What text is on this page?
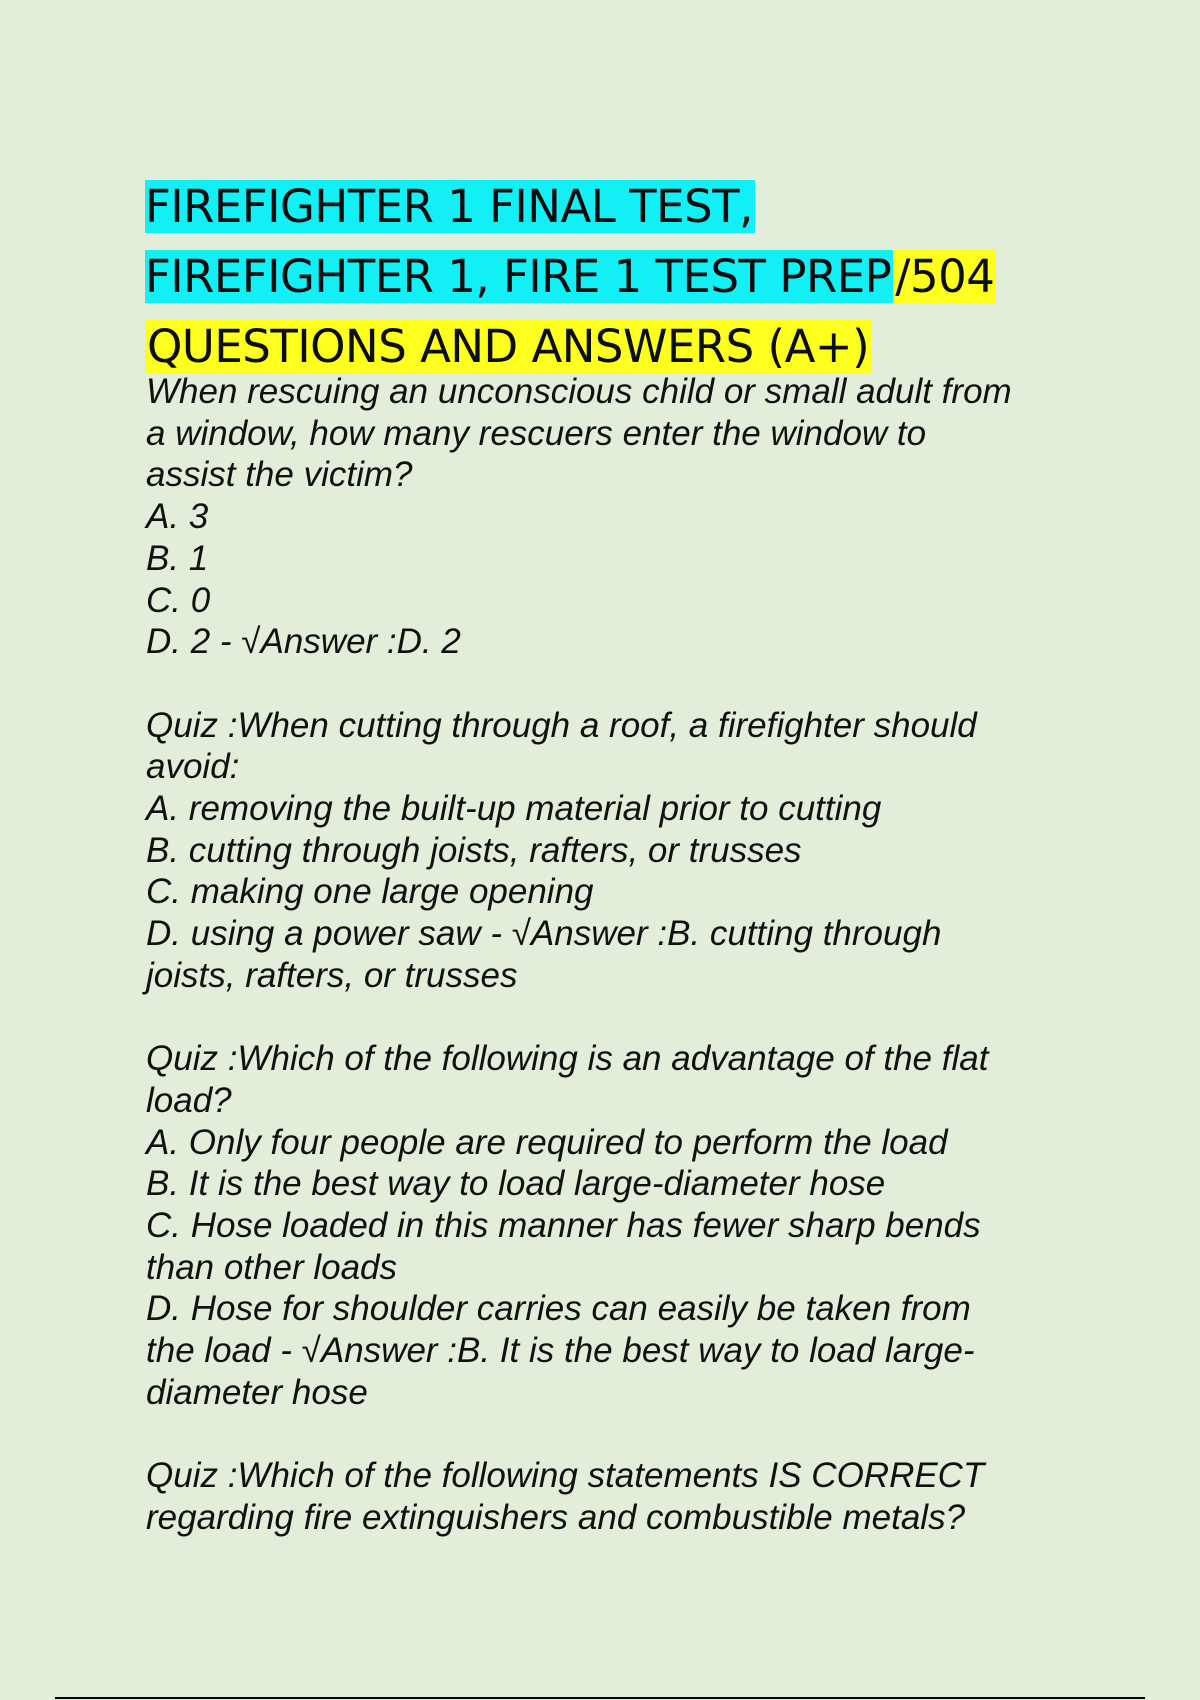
FIREFIGHTER 1 FINAL TEST,
FIREFIGHTER 1, FIRE 1 TEST PREP/504
QUESTIONS AND ANSWERS (A+)
When rescuing an unconscious child or small adult from
a window, how many rescuers enter the window to
assist the victim?
A. 3
B. 1
C. 0
D. 2 - √Answer :D. 2
Quiz :When cutting through a roof, a firefighter should
avoid:
A. removing the built-up material prior to cutting
B. cutting through joists, rafters, or trusses
C. making one large opening
D. using a power saw - √Answer :B. cutting through
joists, rafters, or trusses
Quiz :Which of the following is an advantage of the flat
load?
A. Only four people are required to perform the load
B. It is the best way to load large-diameter hose
C. Hose loaded in this manner has fewer sharp bends
than other loads
D. Hose for shoulder carries can easily be taken from
the load - √Answer :B. It is the best way to load large-
diameter hose
Quiz :Which of the following statements IS CORRECT
regarding fire extinguishers and combustible metals?
